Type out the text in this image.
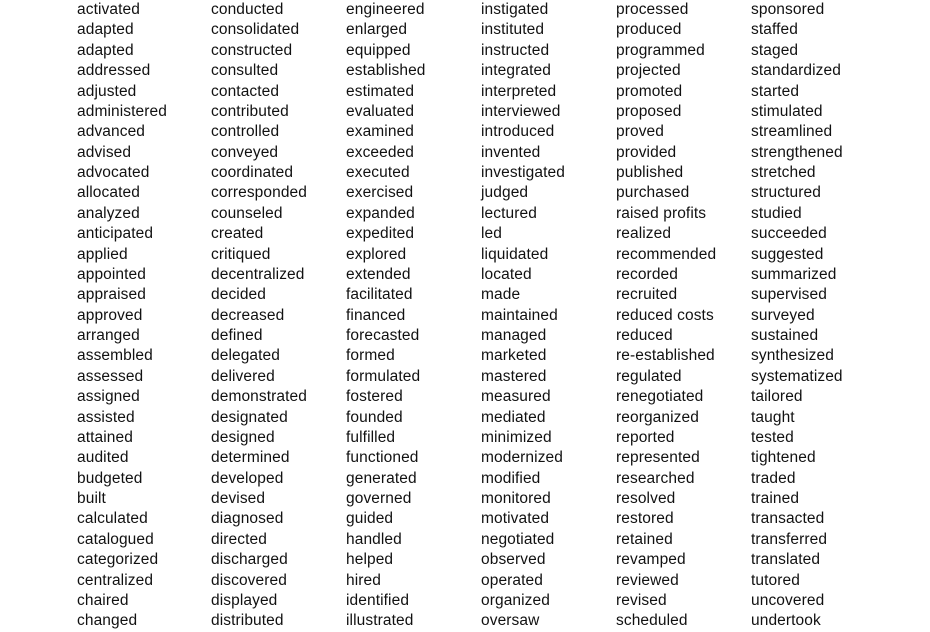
activated
adapted
adapted
addressed
adjusted
administered
advanced
advised
advocated
allocated
analyzed
anticipated
applied
appointed
appraised
approved
arranged
assembled
assessed
assigned
assisted
attained
audited
budgeted
built
calculated
catalogued
categorized
centralized
chaired
changed
conducted
consolidated
constructed
consulted
contacted
contributed
controlled
conveyed
coordinated
corresponded
counseled
created
critiqued
decentralized
decided
decreased
defined
delegated
delivered
demonstrated
designated
designed
determined
developed
devised
diagnosed
directed
discharged
discovered
displayed
distributed
engineered
enlarged
equipped
established
estimated
evaluated
examined
exceeded
executed
exercised
expanded
expedited
explored
extended
facilitated
financed
forecasted
formed
formulated
fostered
founded
fulfilled
functioned
generated
governed
guided
handled
helped
hired
identified
illustrated
instigated
instituted
instructed
integrated
interpreted
interviewed
introduced
invented
investigated
judged
lectured
led
liquidated
located
made
maintained
managed
marketed
mastered
measured
mediated
minimized
modernized
modified
monitored
motivated
negotiated
observed
operated
organized
oversaw
processed
produced
programmed
projected
promoted
proposed
proved
provided
published
purchased
raised profits
realized
recommended
recorded
recruited
reduced costs
reduced
re-established
regulated
renegotiated
reorganized
reported
represented
researched
resolved
restored
retained
revamped
reviewed
revised
scheduled
sponsored
staffed
staged
standardized
started
stimulated
streamlined
strengthened
stretched
structured
studied
succeeded
suggested
summarized
supervised
surveyed
sustained
synthesized
systematized
tailored
taught
tested
tightened
traded
trained
transacted
transferred
translated
tutored
uncovered
undertook
